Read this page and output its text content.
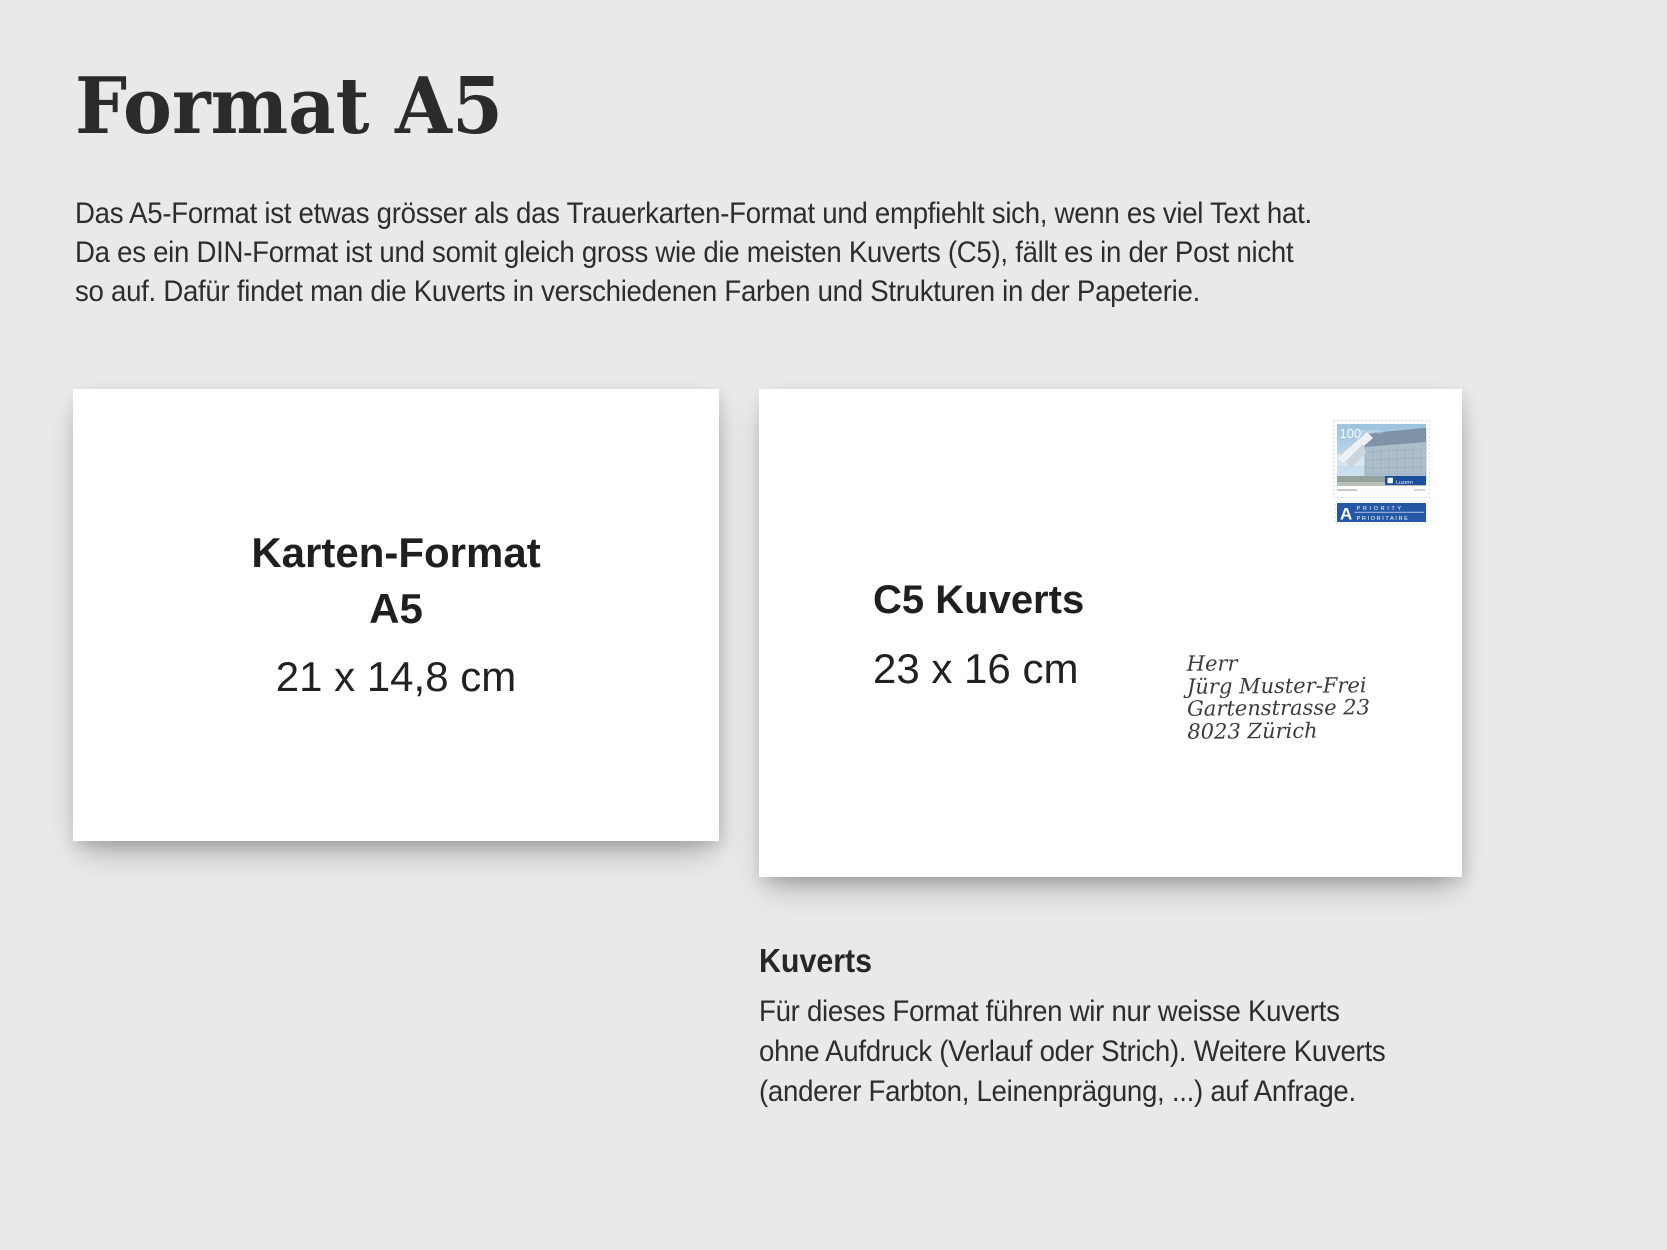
Format A5
Das A5-Format ist etwas grösser als das Trauerkarten-Format und empfiehlt sich, wenn es viel Text hat.
Da es ein DIN-Format ist und somit gleich gross wie die meisten Kuverts (C5), fällt es in der Post nicht
so auf. Dafür findet man die Kuverts in verschiedenen Farben und Strukturen in der Papeterie.
Karten-Format
A5
21 x 14,8 cm
C5 Kuverts
23 x 16 cm	Herr
Jürg Muster-Frei
Gartenstrasse 23
8023 Zürich
Luzern
100
HELVETIA
A PRIORITY
PRIORITAIRE
Kuverts
Für dieses Format führen wir nur weisse Kuverts
ohne Aufdruck (Verlauf oder Strich). Weitere Kuverts
(anderer Farbton, Leinenprägung, ...) auf Anfrage.
